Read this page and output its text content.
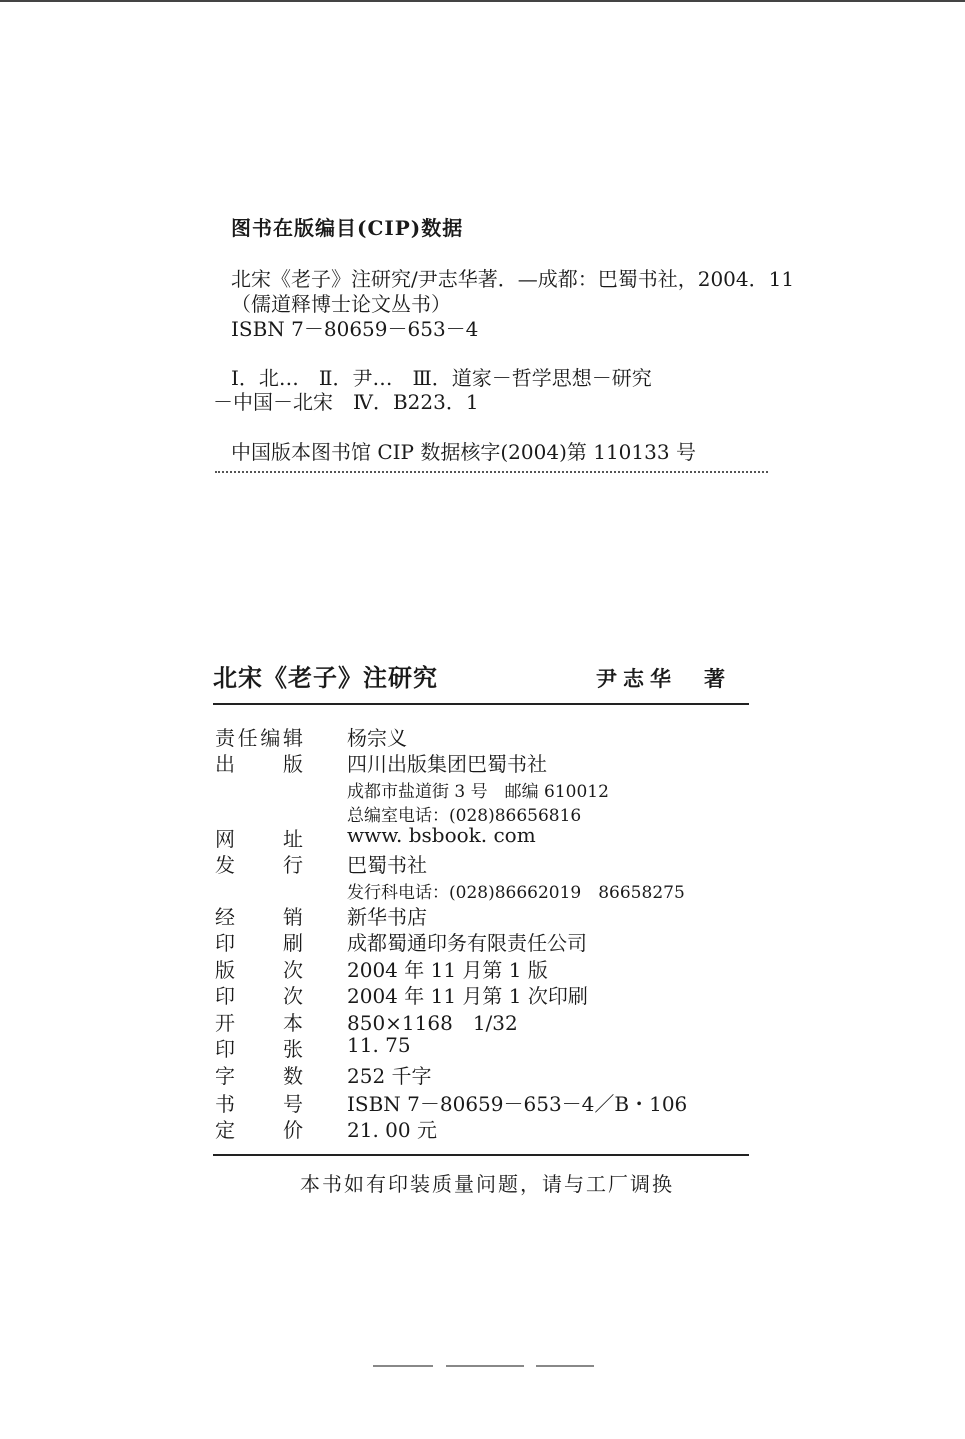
图书在版编目(CIP)数据
北宋《老子》注研究/尹志华著．—成都：巴蜀书社，2004．11
（儒道释博士论文丛书）
ISBN 7－80659－653－4
Ⅰ．北…　Ⅱ．尹…　Ⅲ．道家－哲学思想－研究
－中国－北宋　Ⅳ．B223．1
中国版本图书馆 CIP 数据核字(2004)第 110133 号
北宋《老子》注研究	尹志华　著
责 任 编 辑 杨宗义
出 版 四川出版集团巴蜀书社
成都市盐道街 3 号　邮编 610012
总编室电话：(028)86656816
网 址 www. bsbook. com
发 行 巴蜀书社
发行科电话：(028)86662019　86658275
经 销 新华书店
印 刷 成都蜀通印务有限责任公司
版 次 2004 年 11 月第 1 版
印 次 2004 年 11 月第 1 次印刷
开 本 850×1168　1/32
印 张 11. 75
字 数 252 千字
书 号 ISBN 7－80659－653－4／B・106
定 价 21. 00 元
本书如有印装质量问题，请与工厂调换
